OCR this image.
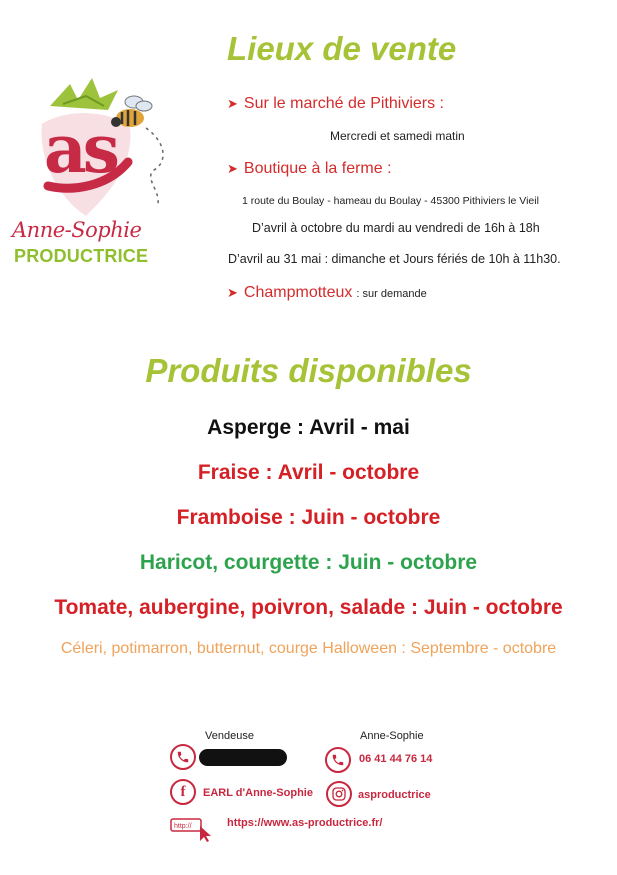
as
Anne-Sophie
PRODUCTRICE
Lieux de vente
➤ Sur le marché de Pithiviers :
Mercredi et samedi matin
➤ Boutique à la ferme :
1 route du Boulay - hameau du Boulay - 45300 Pithiviers le Vieil
D’avril à octobre du mardi au vendredi de 16h à 18h
D’avril au 31 mai : dimanche et Jours fériés de 10h à 11h30.
➤ Champmotteux : sur demande
Produits disponibles
Asperge : Avril - mai
Fraise : Avril - octobre
Framboise : Juin - octobre
Haricot, courgette : Juin - octobre
Tomate, aubergine, poivron, salade : Juin - octobre
Céleri, potimarron, butternut, courge Halloween : Septembre - octobre
Vendeuse	Anne-Sophie
06 41 44 76 14
f	EARL d'Anne-Sophie	asproductrice
http://	https://www.as-productrice.fr/
